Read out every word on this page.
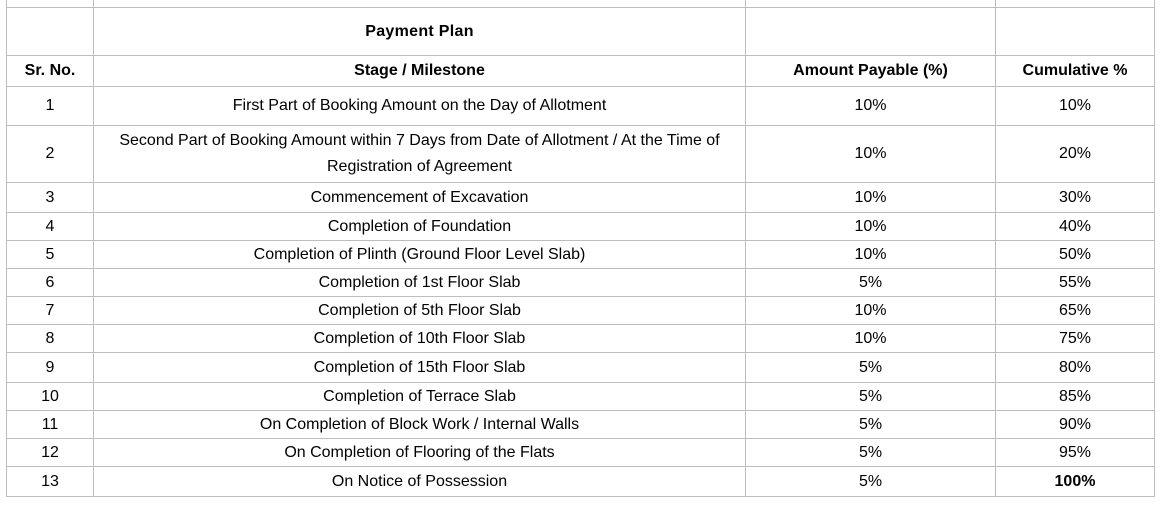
	Payment Plan		
Sr. No.	Stage / Milestone	Amount Payable (%)	Cumulative %
1	First Part of Booking Amount on the Day of Allotment	10%	10%
2	Second Part of Booking Amount within 7 Days from Date of Allotment / At the Time of Registration of Agreement	10%	20%
3	Commencement of Excavation	10%	30%
4	Completion of Foundation	10%	40%
5	Completion of Plinth (Ground Floor Level Slab)	10%	50%
6	Completion of 1st Floor Slab	5%	55%
7	Completion of 5th Floor Slab	10%	65%
8	Completion of 10th Floor Slab	10%	75%
9	Completion of 15th Floor Slab	5%	80%
10	Completion of Terrace Slab	5%	85%
11	On Completion of Block Work / Internal Walls	5%	90%
12	On Completion of Flooring of the Flats	5%	95%
13	On Notice of Possession	5%	100%
